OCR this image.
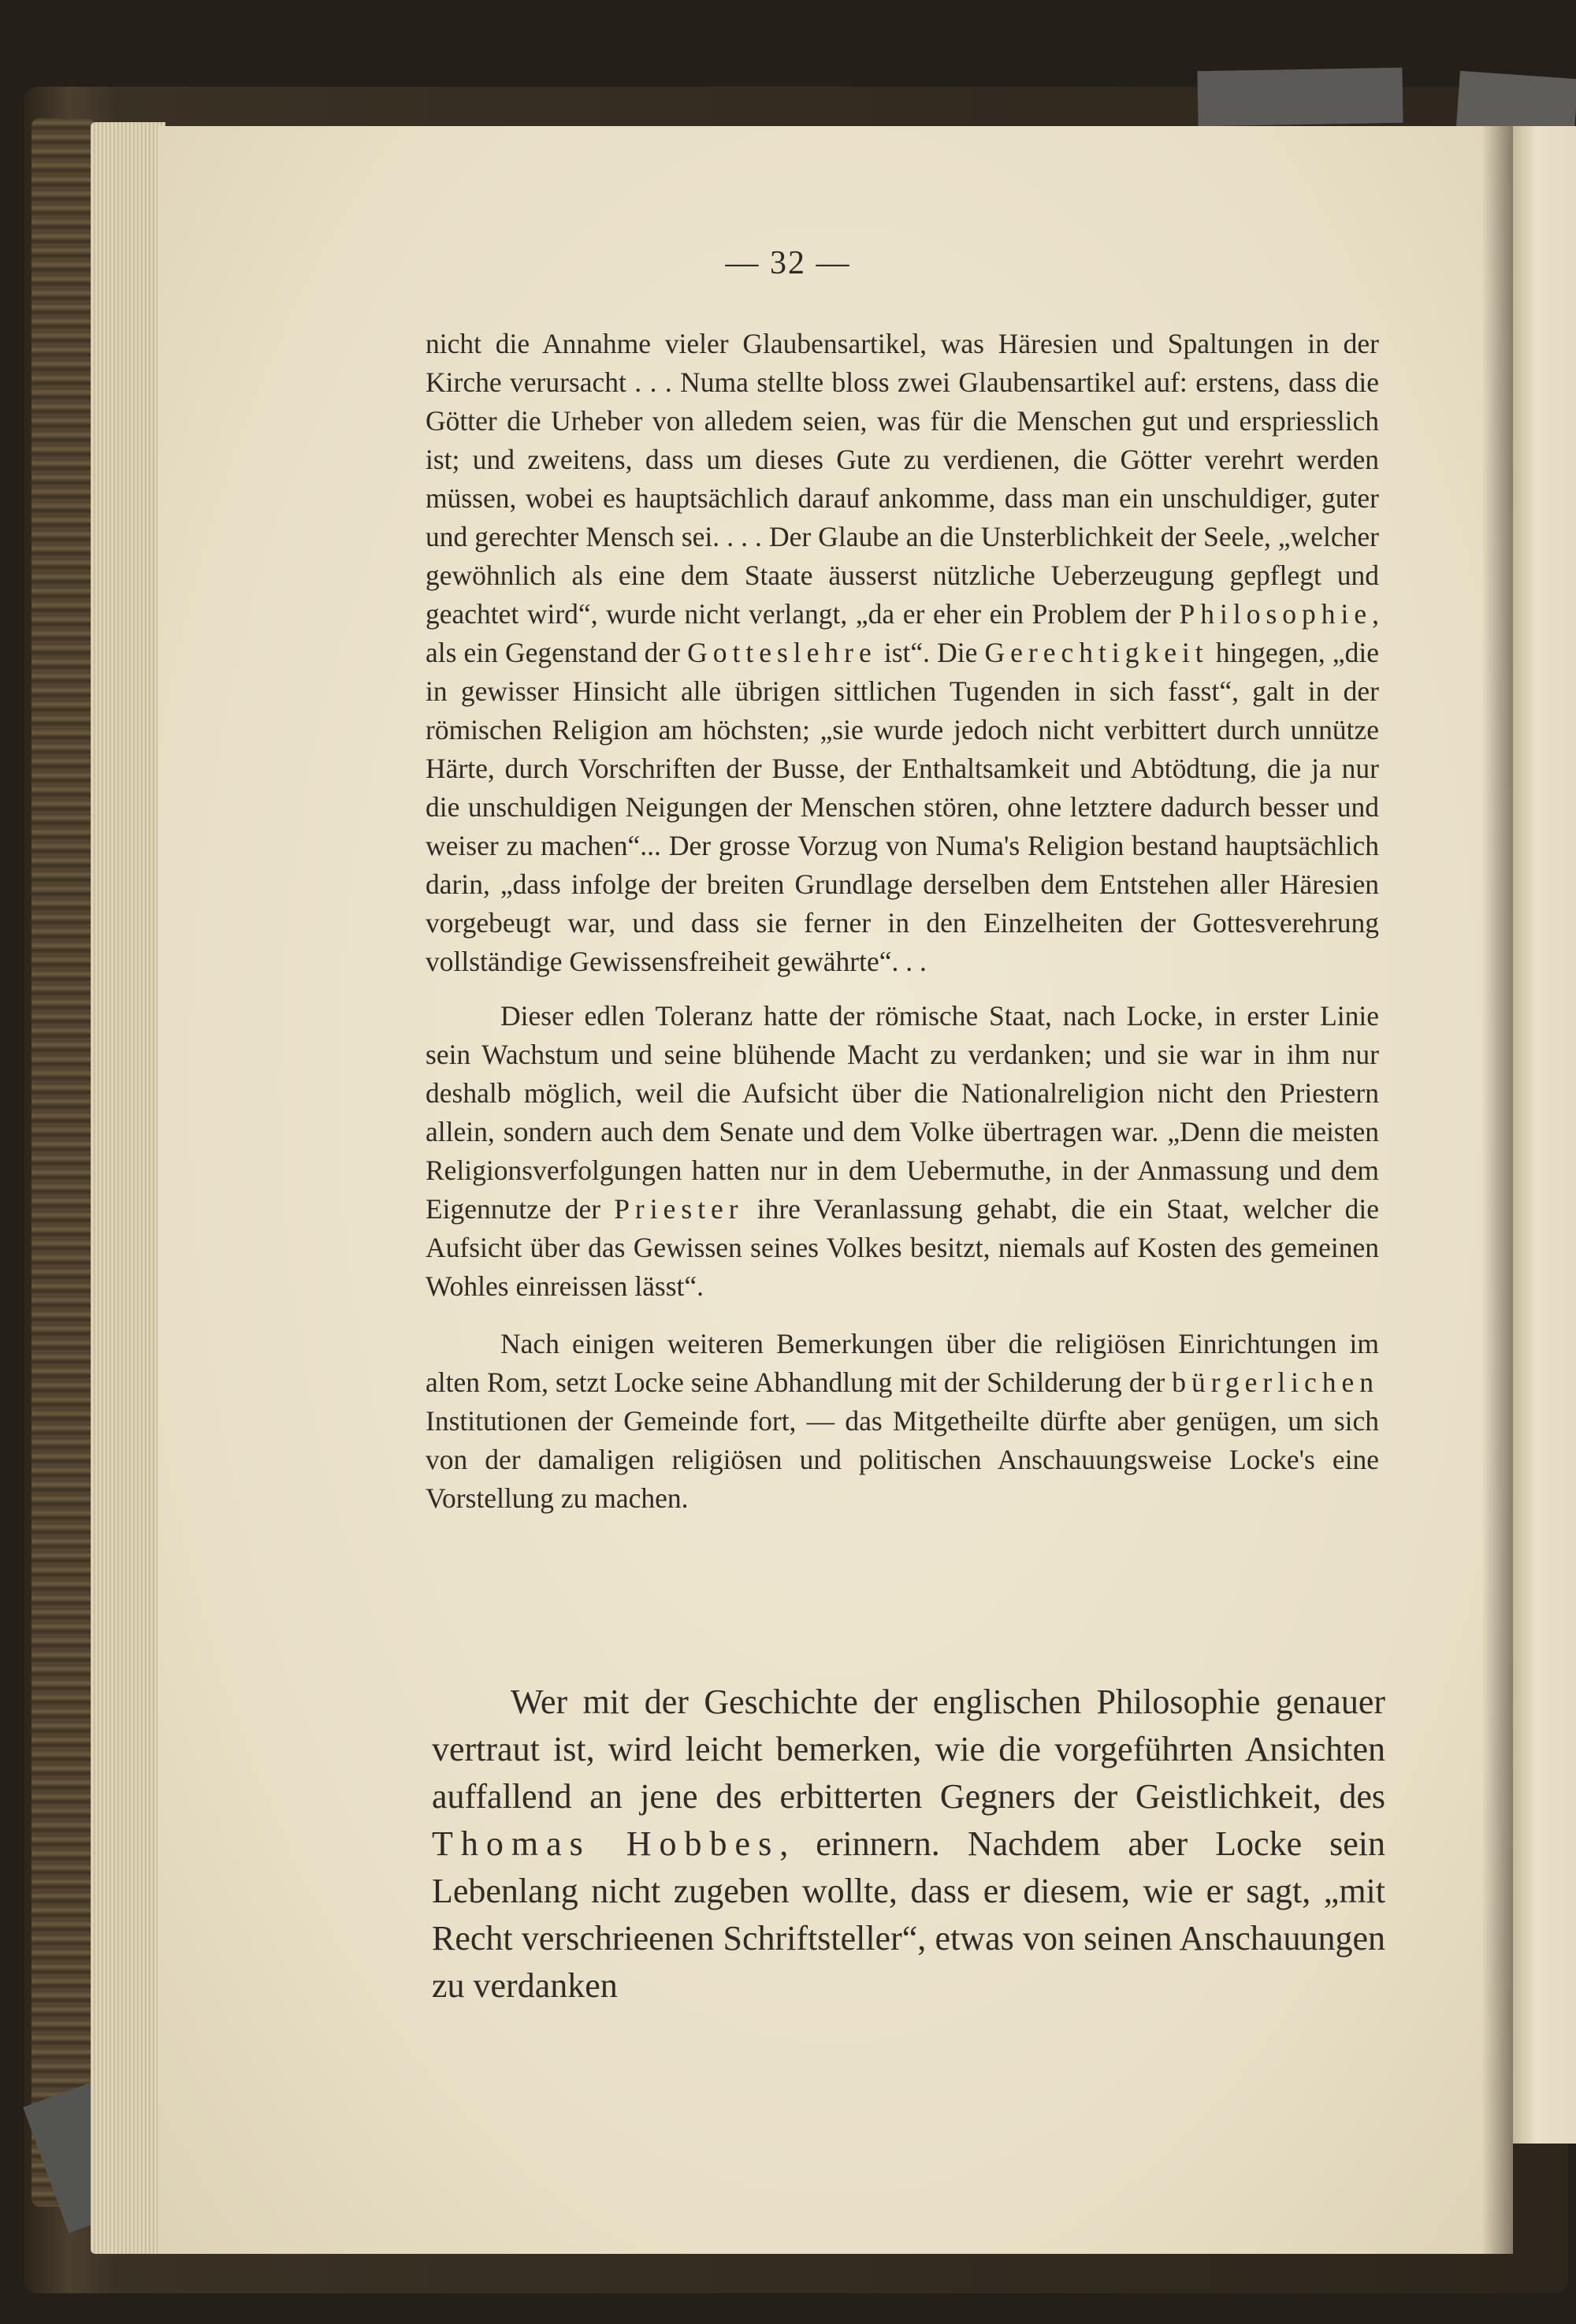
— 32 —

nicht die Annahme vieler Glaubensartikel, was Häresien und Spaltungen in der Kirche verursacht . . . Numa stellte bloss zwei Glaubensartikel auf: erstens, dass die Götter die Urheber von alledem seien, was für die Menschen gut und erspriesslich ist; und zweitens, dass um dieses Gute zu verdienen, die Götter verehrt werden müssen, wobei es hauptsächlich darauf ankomme, dass man ein unschuldiger, guter und gerechter Mensch sei. . . . Der Glaube an die Unsterblichkeit der Seele, „welcher gewöhnlich als eine dem Staate äusserst nützliche Ueberzeugung gepflegt und geachtet wird“, wurde nicht verlangt, „da er eher ein Problem der Philosophie, als ein Gegenstand der Gotteslehre ist“. Die Gerechtigkeit hingegen, „die in gewisser Hinsicht alle übrigen sittlichen Tugenden in sich fasst“, galt in der römischen Religion am höchsten; „sie wurde jedoch nicht verbittert durch unnütze Härte, durch Vorschriften der Busse, der Enthaltsamkeit und Abtödtung, die ja nur die unschuldigen Neigungen der Menschen stören, ohne letztere dadurch besser und weiser zu machen“... Der grosse Vorzug von Numa's Religion bestand hauptsächlich darin, „dass infolge der breiten Grundlage derselben dem Entstehen aller Häresien vorgebeugt war, und dass sie ferner in den Einzelheiten der Gottesverehrung vollständige Gewissensfreiheit gewährte“. . .

Dieser edlen Toleranz hatte der römische Staat, nach Locke, in erster Linie sein Wachstum und seine blühende Macht zu verdanken; und sie war in ihm nur deshalb möglich, weil die Aufsicht über die Nationalreligion nicht den Priestern allein, sondern auch dem Senate und dem Volke übertragen war. „Denn die meisten Religionsverfolgungen hatten nur in dem Uebermuthe, in der Anmassung und dem Eigennutze der Priester ihre Veranlassung gehabt, die ein Staat, welcher die Aufsicht über das Gewissen seines Volkes besitzt, niemals auf Kosten des gemeinen Wohles einreissen lässt“.

Nach einigen weiteren Bemerkungen über die religiösen Einrichtungen im alten Rom, setzt Locke seine Abhandlung mit der Schilderung der bürgerlichen Institutionen der Gemeinde fort, — das Mitgetheilte dürfte aber genügen, um sich von der damaligen religiösen und politischen Anschauungsweise Locke's eine Vorstellung zu machen.

Wer mit der Geschichte der englischen Philosophie genauer vertraut ist, wird leicht bemerken, wie die vorgeführten Ansichten auffallend an jene des erbitterten Gegners der Geistlichkeit, des Thomas Hobbes, erinnern. Nachdem aber Locke sein Lebenlang nicht zugeben wollte, dass er diesem, wie er sagt, „mit Recht verschrieenen Schriftsteller“, etwas von seinen Anschauungen zu verdanken
